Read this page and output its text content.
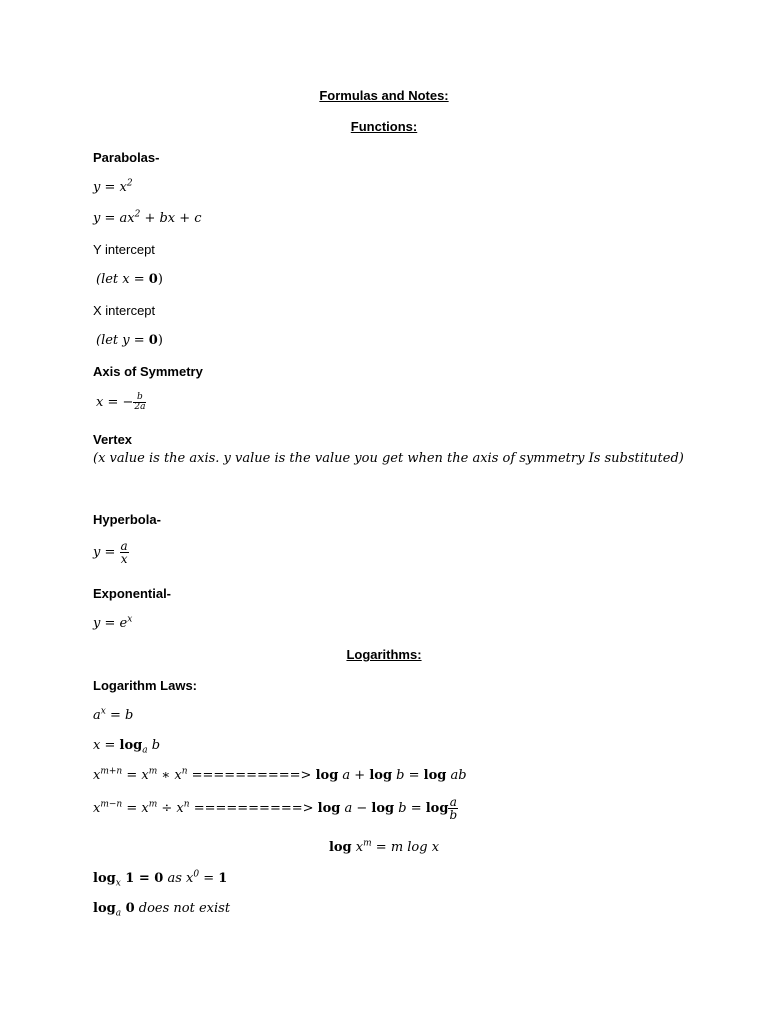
Formulas and Notes:
Functions:
Parabolas-
$y = x^2$
$y = ax^2$ + bx + c
Y intercept
(let x = 0)
X intercept
(let y = 0)
Axis of Symmetry
x = − $\frac{b}{2a}$
Vertex
(x value is the axis. y value is the value you get when the axis of symmetry Is substituted)
Hyperbola-
$y = \frac{a}{x}$
Exponential-
$y = e^x$
Logarithms:
Logarithm Laws:
$a^x = b$
$x = \log_a b$
$x^{m+n} = x^m$ ∗ $x^n$ ==========> log a + log b = log ab
$x^{m-n} = x^m \div x^n$ ==========> $\log a - \log b = \log \frac{a}{b}$
$\log x^m = m$ log x
$\log_x 1 = 0$ as $x^0 = 1$
$\log_a 0$ does not exist
